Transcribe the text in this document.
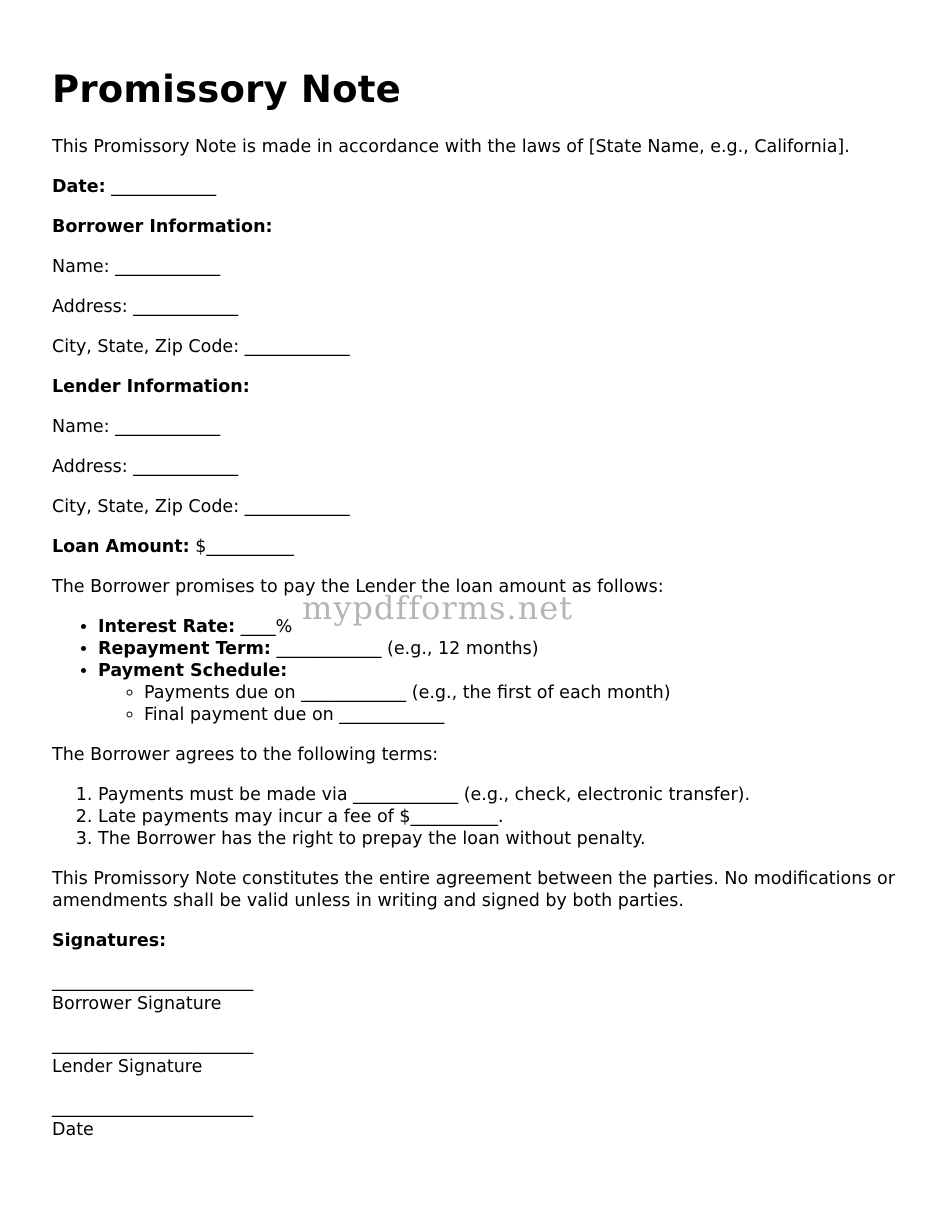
Promissory Note

This Promissory Note is made in accordance with the laws of [State Name, e.g., California].

Date: ____________

Borrower Information:

Name: ____________

Address: ____________

City, State, Zip Code: ____________

Lender Information:

Name: ____________

Address: ____________

City, State, Zip Code: ____________

Loan Amount: $__________

The Borrower promises to pay the Lender the loan amount as follows:

• Interest Rate: ____%
• Repayment Term: ____________ (e.g., 12 months)
• Payment Schedule:
◦ Payments due on ____________ (e.g., the first of each month)
◦ Final payment due on ____________

The Borrower agrees to the following terms:

1. Payments must be made via ____________ (e.g., check, electronic transfer).
2. Late payments may incur a fee of $__________.
3. The Borrower has the right to prepay the loan without penalty.

This Promissory Note constitutes the entire agreement between the parties. No modifications or amendments shall be valid unless in writing and signed by both parties.

Signatures:

_______________________
Borrower Signature
_______________________
Lender Signature
_______________________
Date
mypdfforms.net
